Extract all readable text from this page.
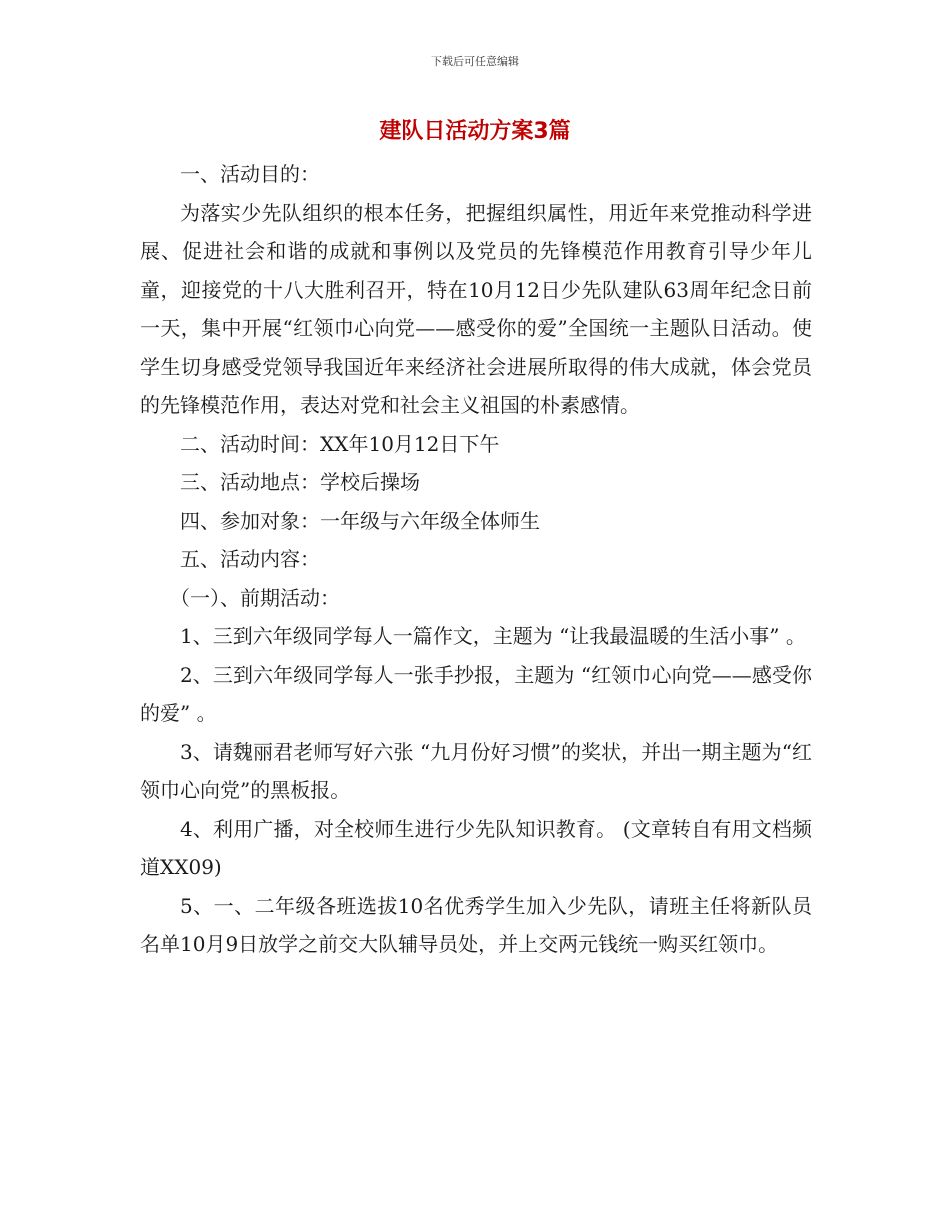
下载后可任意编辑
建队日活动方案3篇

一、活动目的：

为落实少先队组织的根本任务，把握组织属性，用近年来党推动科学进展、促进社会和谐的成就和事例以及党员的先锋模范作用教育引导少年儿童，迎接党的十八大胜利召开，特在10月12日少先队建队63周年纪念日前一天，集中开展“红领巾心向党——感受你的爱”全国统一主题队日活动。使学生切身感受党领导我国近年来经济社会进展所取得的伟大成就，体会党员的先锋模范作用，表达对党和社会主义祖国的朴素感情。

二、活动时间：XX年10月12日下午

三、活动地点：学校后操场

四、参加对象：一年级与六年级全体师生

五、活动内容：

（一）、前期活动：

1、三到六年级同学每人一篇作文，主题为 “让我最温暖的生活小事” 。

2、三到六年级同学每人一张手抄报，主题为 “红领巾心向党——感受你的爱” 。

3、请魏丽君老师写好六张 “九月份好习惯”的奖状，并出一期主题为“红领巾心向党”的黑板报。

4、利用广播，对全校师生进行少先队知识教育。 (文章转自有用文档频道XX09)

5、一、二年级各班选拔10名优秀学生加入少先队，请班主任将新队员名单10月9日放学之前交大队辅导员处，并上交两元钱统一购买红领巾。
